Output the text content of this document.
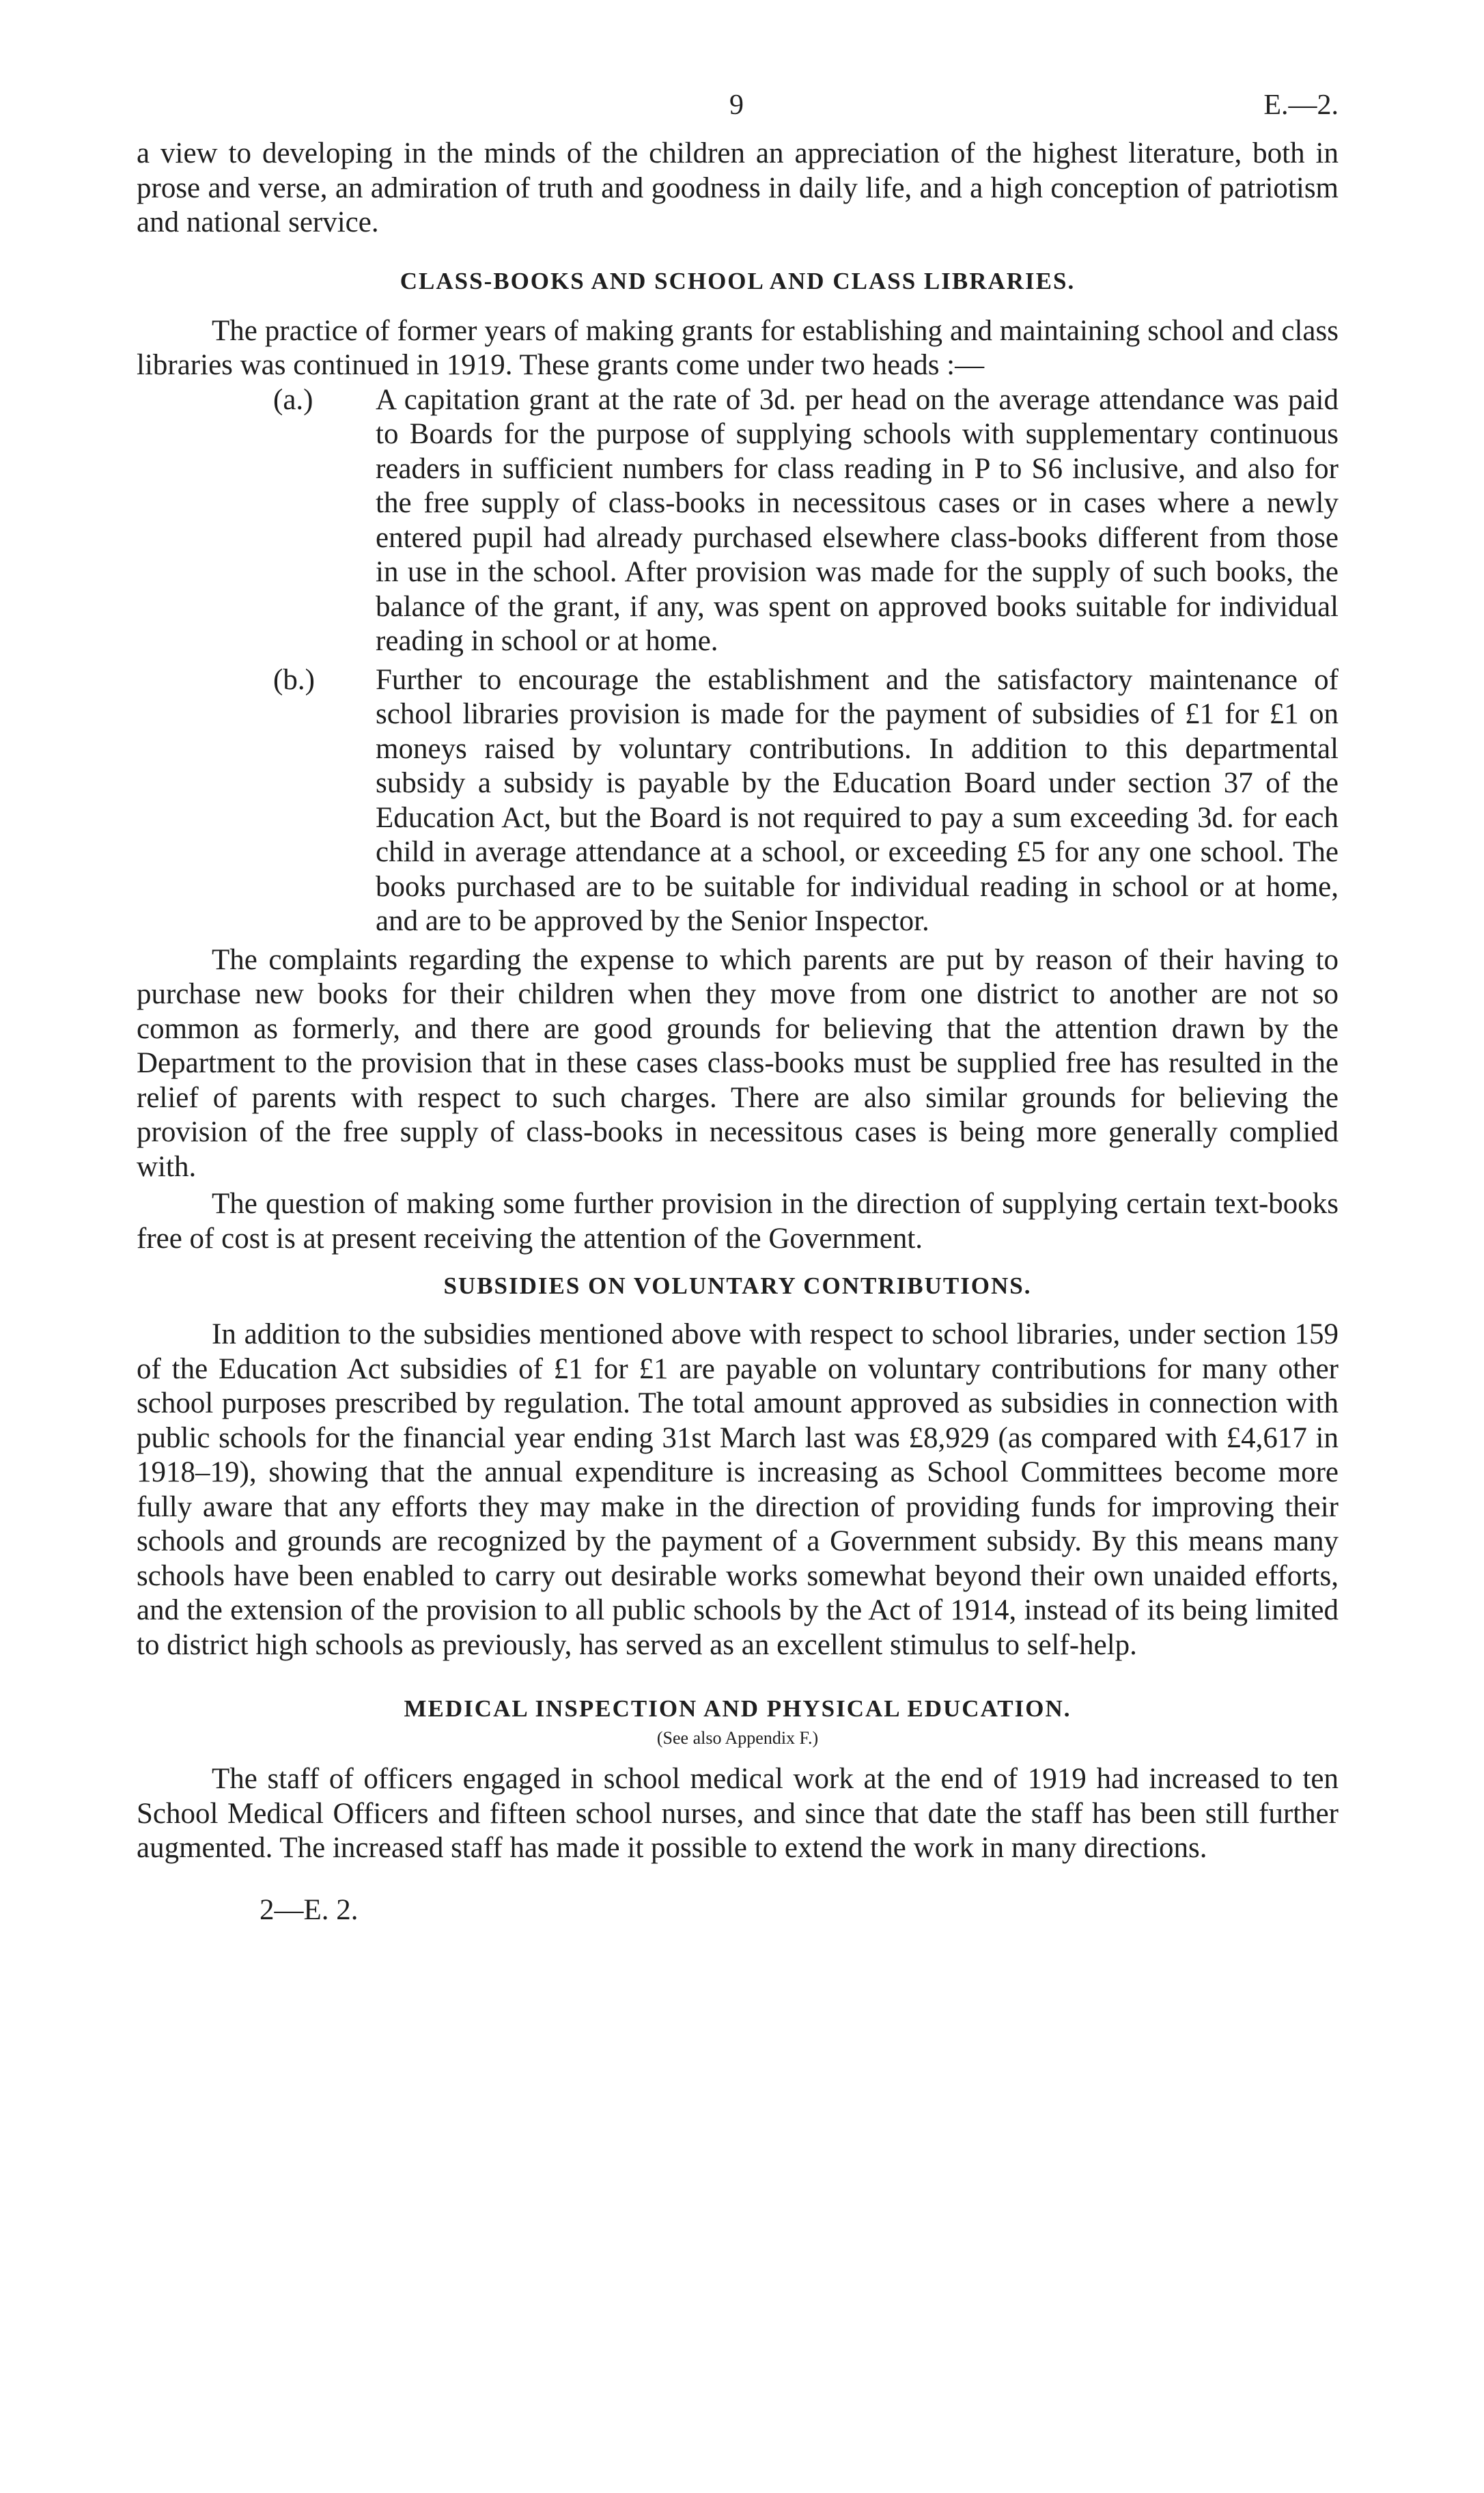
9	E.—2.

a view to developing in the minds of the children an appreciation of the highest literature, both in prose and verse, an admiration of truth and goodness in daily life, and a high conception of patriotism and national service.

CLASS-BOOKS AND SCHOOL AND CLASS LIBRARIES.

The practice of former years of making grants for establishing and maintaining school and class libraries was continued in 1919. These grants come under two heads :—

(a.) A capitation grant at the rate of 3d. per head on the average attendance was paid to Boards for the purpose of supplying schools with supplementary continuous readers in sufficient numbers for class reading in P to S6 inclusive, and also for the free supply of class-books in necessitous cases or in cases where a newly entered pupil had already purchased elsewhere class-books different from those in use in the school. After provision was made for the supply of such books, the balance of the grant, if any, was spent on approved books suitable for individual reading in school or at home.
(b.) Further to encourage the establishment and the satisfactory maintenance of school libraries provision is made for the payment of subsidies of £1 for £1 on moneys raised by voluntary contributions. In addition to this departmental subsidy a subsidy is payable by the Education Board under section 37 of the Education Act, but the Board is not required to pay a sum exceeding 3d. for each child in average attendance at a school, or exceeding £5 for any one school. The books purchased are to be suitable for individual reading in school or at home, and are to be approved by the Senior Inspector.

The complaints regarding the expense to which parents are put by reason of their having to purchase new books for their children when they move from one district to another are not so common as formerly, and there are good grounds for believing that the attention drawn by the Department to the provision that in these cases class-books must be supplied free has resulted in the relief of parents with respect to such charges. There are also similar grounds for believing the provision of the free supply of class-books in necessitous cases is being more generally complied with.

The question of making some further provision in the direction of supplying certain text-books free of cost is at present receiving the attention of the Government.

SUBSIDIES ON VOLUNTARY CONTRIBUTIONS.

In addition to the subsidies mentioned above with respect to school libraries, under section 159 of the Education Act subsidies of £1 for £1 are payable on voluntary contributions for many other school purposes prescribed by regulation. The total amount approved as subsidies in connection with public schools for the financial year ending 31st March last was £8,929 (as compared with £4,617 in 1918–19), showing that the annual expenditure is increasing as School Committees become more fully aware that any efforts they may make in the direction of providing funds for improving their schools and grounds are recognized by the payment of a Government subsidy. By this means many schools have been enabled to carry out desirable works somewhat beyond their own unaided efforts, and the extension of the provision to all public schools by the Act of 1914, instead of its being limited to district high schools as previously, has served as an excellent stimulus to self-help.

MEDICAL INSPECTION AND PHYSICAL EDUCATION.
(See also Appendix F.)

The staff of officers engaged in school medical work at the end of 1919 had increased to ten School Medical Officers and fifteen school nurses, and since that date the staff has been still further augmented. The increased staff has made it possible to extend the work in many directions.

2—E. 2.
